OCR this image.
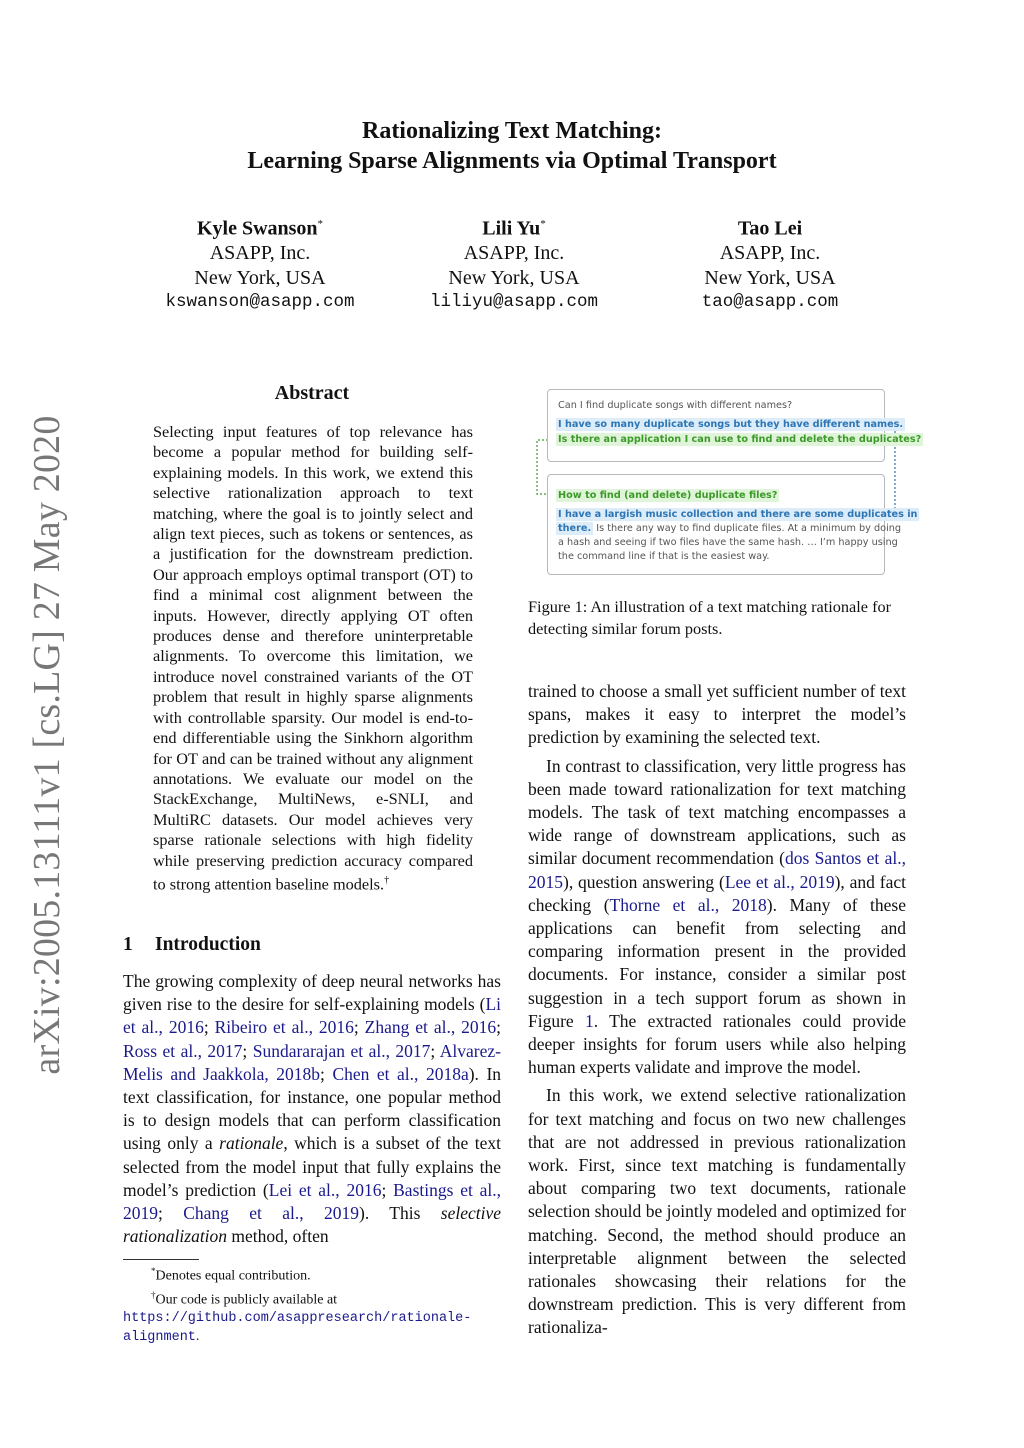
arXiv:2005.13111v1 [cs.LG] 27 May 2020
Rationalizing Text Matching:
Learning Sparse Alignments via Optimal Transport
Kyle Swanson*
ASAPP, Inc.
New York, USA
kswanson@asapp.com
Lili Yu*
ASAPP, Inc.
New York, USA
liliyu@asapp.com
Tao Lei
ASAPP, Inc.
New York, USA
tao@asapp.com
Abstract
Selecting input features of top relevance has become a popular method for building self-explaining models. In this work, we extend this selective rationalization approach to text matching, where the goal is to jointly select and align text pieces, such as tokens or sentences, as a justification for the downstream prediction. Our approach employs optimal transport (OT) to find a minimal cost alignment between the inputs. However, directly applying OT often produces dense and therefore uninterpretable alignments. To overcome this limitation, we introduce novel constrained variants of the OT problem that result in highly sparse alignments with controllable sparsity. Our model is end-to-end differentiable using the Sinkhorn algorithm for OT and can be trained without any alignment annotations. We evaluate our model on the StackExchange, MultiNews, e-SNLI, and MultiRC datasets. Our model achieves very sparse rationale selections with high fidelity while preserving prediction accuracy compared to strong attention baseline models.†
1 Introduction

The growing complexity of deep neural networks has given rise to the desire for self-explaining models (Li et al., 2016; Ribeiro et al., 2016; Zhang et al., 2016; Ross et al., 2017; Sundararajan et al., 2017; Alvarez-Melis and Jaakkola, 2018b; Chen et al., 2018a). In text classification, for instance, one popular method is to design models that can perform classification using only a rationale, which is a subset of the text selected from the model input that fully explains the model’s prediction (Lei et al., 2016; Bastings et al., 2019; Chang et al., 2019). This selective rationalization method, often

*Denotes equal contribution.
†Our code is publicly available at https://github.com/asappresearch/rationale-alignment.
Can I find duplicate songs with different names?
I have so many duplicate songs but they have different names.
Is there an application I can use to find and delete the duplicates?
How to find (and delete) duplicate files?
I have a largish music collection and there are some duplicates in
there. Is there any way to find duplicate files. At a minimum by doing
a hash and seeing if two files have the same hash. … I’m happy using
the command line if that is the easiest way.
Figure 1: An illustration of a text matching rationale for detecting similar forum posts.

trained to choose a small yet sufficient number of text spans, makes it easy to interpret the model’s prediction by examining the selected text.

In contrast to classification, very little progress has been made toward rationalization for text matching models. The task of text matching encompasses a wide range of downstream applications, such as similar document recommendation (dos Santos et al., 2015), question answering (Lee et al., 2019), and fact checking (Thorne et al., 2018). Many of these applications can benefit from selecting and comparing information present in the provided documents. For instance, consider a similar post suggestion in a tech support forum as shown in Figure 1. The extracted rationales could provide deeper insights for forum users while also helping human experts validate and improve the model.

In this work, we extend selective rationalization for text matching and focus on two new challenges that are not addressed in previous rationalization work. First, since text matching is fundamentally about comparing two text documents, rationale selection should be jointly modeled and optimized for matching. Second, the method should produce an interpretable alignment between the selected rationales showcasing their relations for the downstream prediction. This is very different from rationaliza-
